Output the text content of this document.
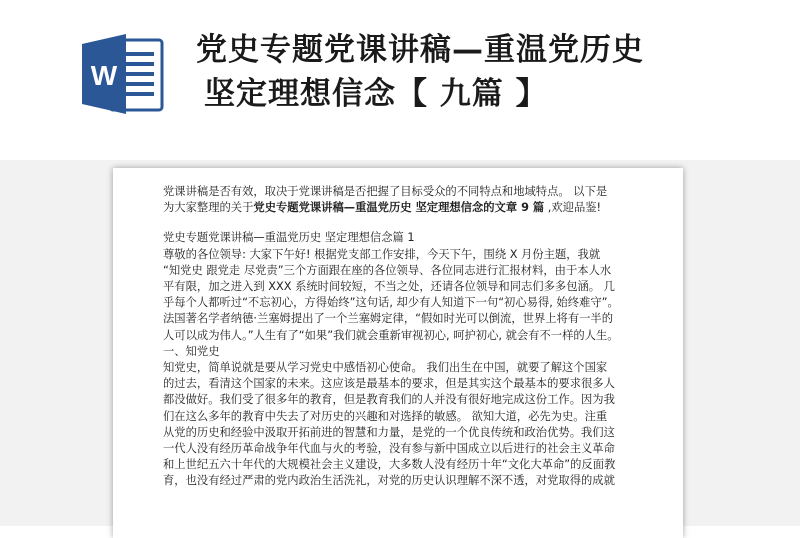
W
党史专题党课讲稿—重温党历史
坚定理想信念【 九篇 】

党课讲稿是否有效，取决于党课讲稿是否把握了目标受众的不同特点和地域特点。 以下是

为大家整理的关于党史专题党课讲稿—重温党历史 坚定理想信念的文章 9 篇 ,欢迎品鉴!

党史专题党课讲稿—重温党历史 坚定理想信念篇 1

尊敬的各位领导: 大家下午好! 根据党支部工作安排，今天下午，围绕 X 月份主题，我就

“知党史 跟党走 尽党责”三个方面跟在座的各位领导、各位同志进行汇报材料，由于本人水

平有限，加之进入到 XXX 系统时间较短，不当之处，还请各位领导和同志们多多包涵。 几

乎每个人都听过“不忘初心，方得始终”这句话, 却少有人知道下一句“初心易得, 始终难守”。

法国著名学者纳德·兰塞姆提出了一个兰塞姆定律，“假如时光可以倒流，世界上将有一半的

人可以成为伟人。”人生有了“如果”我们就会重新审视初心, 呵护初心, 就会有不一样的人生。

一、知党史

知党史，简单说就是要从学习党史中感悟初心使命。 我们出生在中国，就要了解这个国家

的过去，看清这个国家的未来。这应该是最基本的要求，但是其实这个最基本的要求很多人

都没做好。我们受了很多年的教育，但是教育我们的人并没有很好地完成这份工作。因为我

们在这么多年的教育中失去了对历史的兴趣和对选择的敏感。 欲知大道，必先为史。注重

从党的历史和经验中汲取开拓前进的智慧和力量，是党的一个优良传统和政治优势。我们这

一代人没有经历革命战争年代血与火的考验，没有参与新中国成立以后进行的社会主义革命

和上世纪五六十年代的大规模社会主义建设，大多数人没有经历十年“文化大革命”的反面教

育，也没有经过严肃的党内政治生活洗礼，对党的历史认识理解不深不透，对党取得的成就
